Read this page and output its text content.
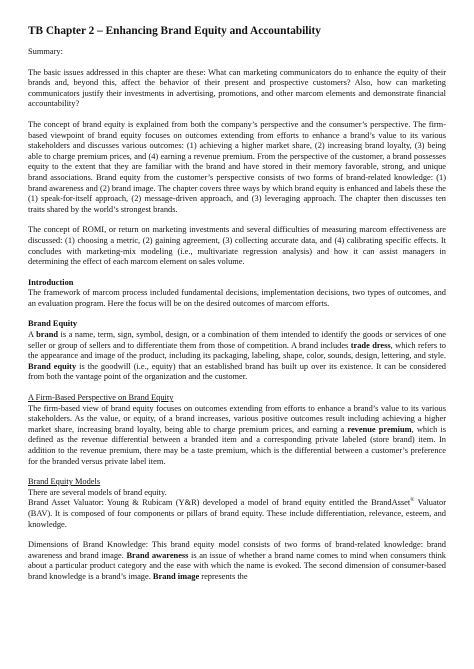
TB Chapter 2 – Enhancing Brand Equity and Accountability

Summary:

The basic issues addressed in this chapter are these: What can marketing communicators do to enhance the equity of their brands and, beyond this, affect the behavior of their present and prospective customers? Also, how can marketing communicators justify their investments in advertising, promotions, and other marcom elements and demonstrate financial accountability?

The concept of brand equity is explained from both the company’s perspective and the consumer’s perspective. The firm-based viewpoint of brand equity focuses on outcomes extending from efforts to enhance a brand’s value to its various stakeholders and discusses various outcomes: (1) achieving a higher market share, (2) increasing brand loyalty, (3) being able to charge premium prices, and (4) earning a revenue premium. From the perspective of the customer, a brand possesses equity to the extent that they are familiar with the brand and have stored in their memory favorable, strong, and unique brand associations. Brand equity from the customer’s perspective consists of two forms of brand-related knowledge: (1) brand awareness and (2) brand image. The chapter covers three ways by which brand equity is enhanced and labels these the (1) speak-for-itself approach, (2) message-driven approach, and (3) leveraging approach. The chapter then discusses ten traits shared by the world’s strongest brands.

The concept of ROMI, or return on marketing investments and several difficulties of measuring marcom effectiveness are discussed: (1) choosing a metric, (2) gaining agreement, (3) collecting accurate data, and (4) calibrating specific effects. It concludes with marketing-mix modeling (i.e., multivariate regression analysis) and how it can assist managers in determining the effect of each marcom element on sales volume.

Introduction

The framework of marcom process included fundamental decisions, implementation decisions, two types of outcomes, and an evaluation program. Here the focus will be on the desired outcomes of marcom efforts.

Brand Equity

A brand is a name, term, sign, symbol, design, or a combination of them intended to identify the goods or services of one seller or group of sellers and to differentiate them from those of competition. A brand includes trade dress, which refers to the appearance and image of the product, including its packaging, labeling, shape, color, sounds, design, lettering, and style. Brand equity is the goodwill (i.e., equity) that an established brand has built up over its existence. It can be considered from both the vantage point of the organization and the customer.

A Firm-Based Perspective on Brand Equity

The firm-based view of brand equity focuses on outcomes extending from efforts to enhance a brand’s value to its various stakeholders. As the value, or equity, of a brand increases, various positive outcomes result including achieving a higher market share, increasing brand loyalty, being able to charge premium prices, and earning a revenue premium, which is defined as the revenue differential between a branded item and a corresponding private labeled (store brand) item. In addition to the revenue premium, there may be a taste premium, which is the differential between a customer’s preference for the branded versus private label item.

Brand Equity Models

There are several models of brand equity.

Brand Asset Valuator: Young & Rubicam (Y&R) developed a model of brand equity entitled the BrandAsset® Valuator (BAV). It is composed of four components or pillars of brand equity. These include differentiation, relevance, esteem, and knowledge.

Dimensions of Brand Knowledge: This brand equity model consists of two forms of brand-related knowledge: brand awareness and brand image. Brand awareness is an issue of whether a brand name comes to mind when consumers think about a particular product category and the ease with which the name is evoked. The second dimension of consumer-based brand knowledge is a brand’s image. Brand image represents the
